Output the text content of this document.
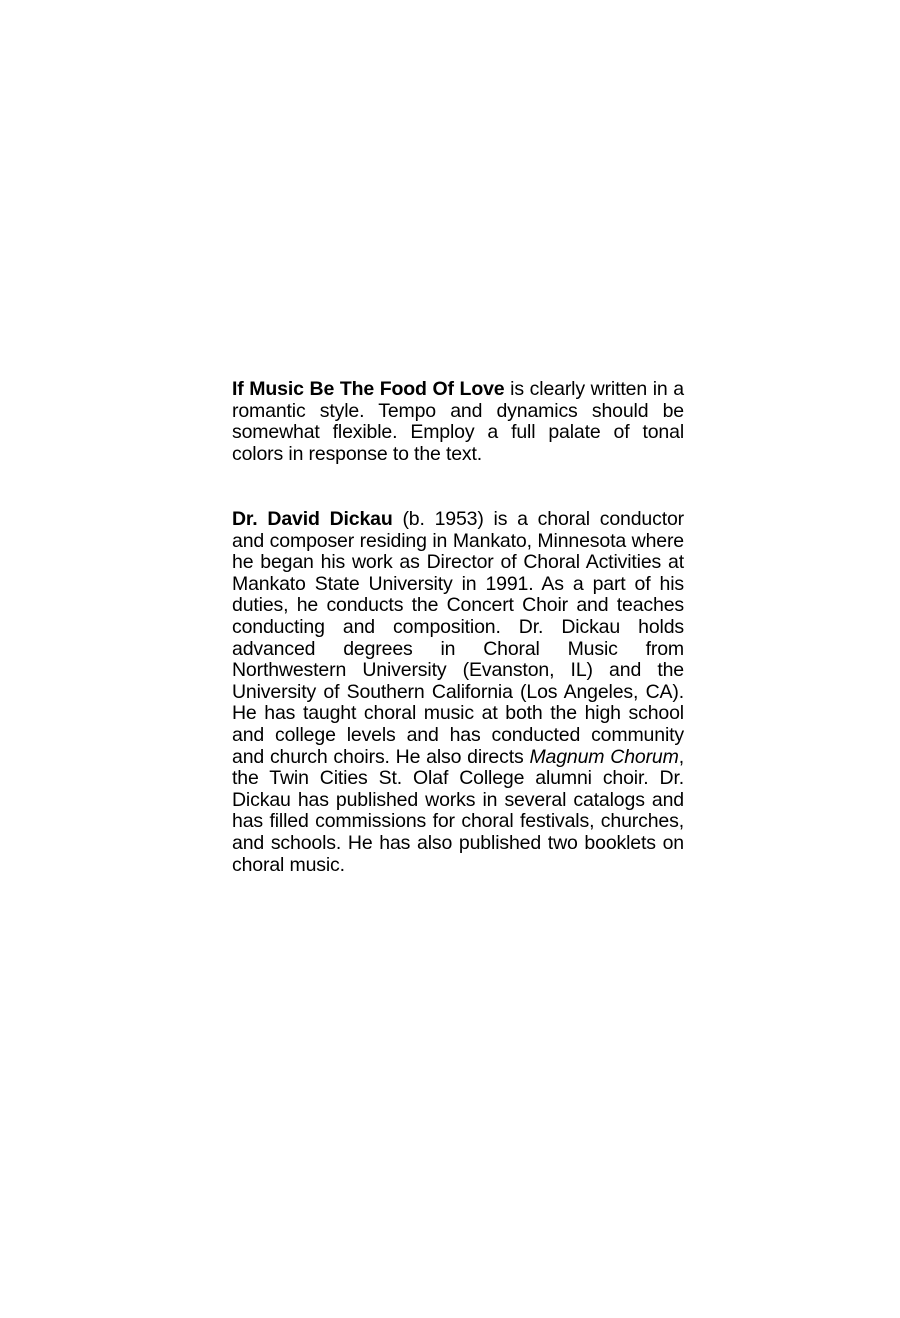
If Music Be The Food Of Love is clearly written in a romantic style. Tempo and dynamics should be somewhat flexible. Employ a full palate of tonal colors in response to the text.

Dr. David Dickau (b. 1953) is a choral conductor and composer residing in Mankato, Minnesota where he began his work as Director of Choral Activities at Mankato State University in 1991. As a part of his duties, he conducts the Concert Choir and teaches conducting and composition. Dr. Dickau holds advanced degrees in Choral Music from Northwestern University (Evanston, IL) and the University of Southern California (Los Angeles, CA). He has taught choral music at both the high school and college levels and has conducted community and church choirs. He also directs Magnum Chorum, the Twin Cities St. Olaf College alumni choir. Dr. Dickau has published works in several catalogs and has filled commissions for choral festivals, churches, and schools. He has also published two booklets on choral music.
